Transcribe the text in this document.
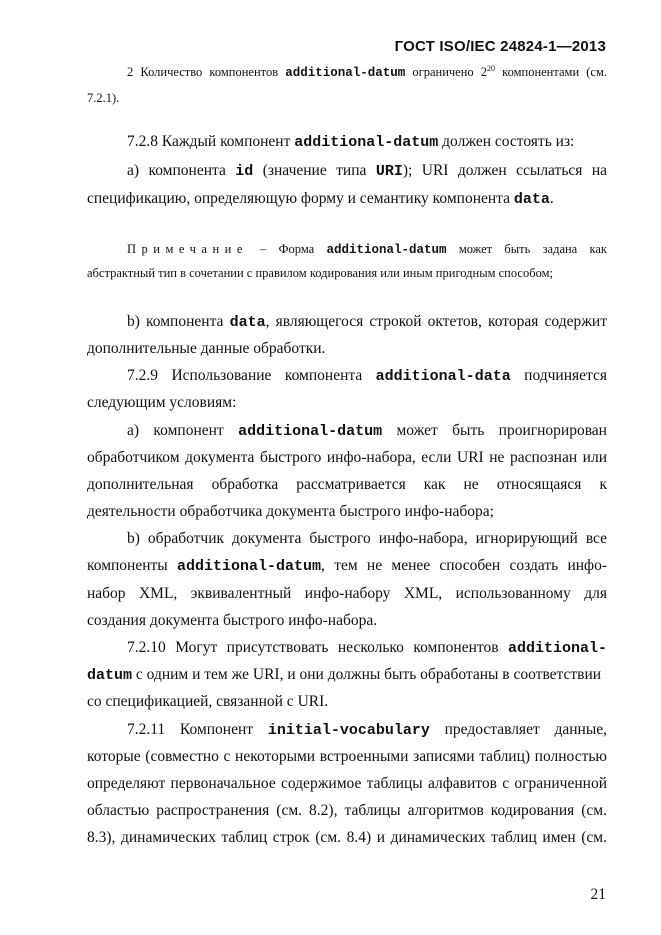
ГОСТ ISO/IEC 24824-1—2013
2 Количество компонентов additional-datum ограничено $2^{20}$ компонентами (см.
7.2.1).
7.2.8 Каждый компонент additional-datum должен состоять из:
a) компонента id (значение типа URI); URI должен ссылаться на
спецификацию, определяющую форму и семантику компонента data.
Примечание – Форма additional-datum может быть задана как
абстрактный тип в сочетании с правилом кодирования или иным пригодным способом;
b) компонента data, являющегося строкой октетов, которая содержит
дополнительные данные обработки.
7.2.9 Использование компонента additional-data подчиняется
следующим условиям:
a) компонент additional-datum может быть проигнорирован
обработчиком документа быстрого инфо-набора, если URI не распознан или
дополнительная обработка рассматривается как не относящаяся к
деятельности обработчика документа быстрого инфо-набора;
b) обработчик документа быстрого инфо-набора, игнорирующий все
компоненты additional-datum, тем не менее способен создать инфо-
набор XML, эквивалентный инфо-набору XML, использованному для
создания документа быстрого инфо-набора.
7.2.10 Могут присутствовать несколько компонентов additional-
datum с одним и тем же URI, и они должны быть обработаны в соответствии
со спецификацией, связанной с URI.
7.2.11 Компонент initial-vocabulary предоставляет данные,
которые (совместно с некоторыми встроенными записями таблиц) полностью
определяют первоначальное содержимое таблицы алфавитов с ограниченной
областью распространения (см. 8.2), таблицы алгоритмов кодирования (см.
8.3), динамических таблиц строк (см. 8.4) и динамических таблиц имен (см.
21
